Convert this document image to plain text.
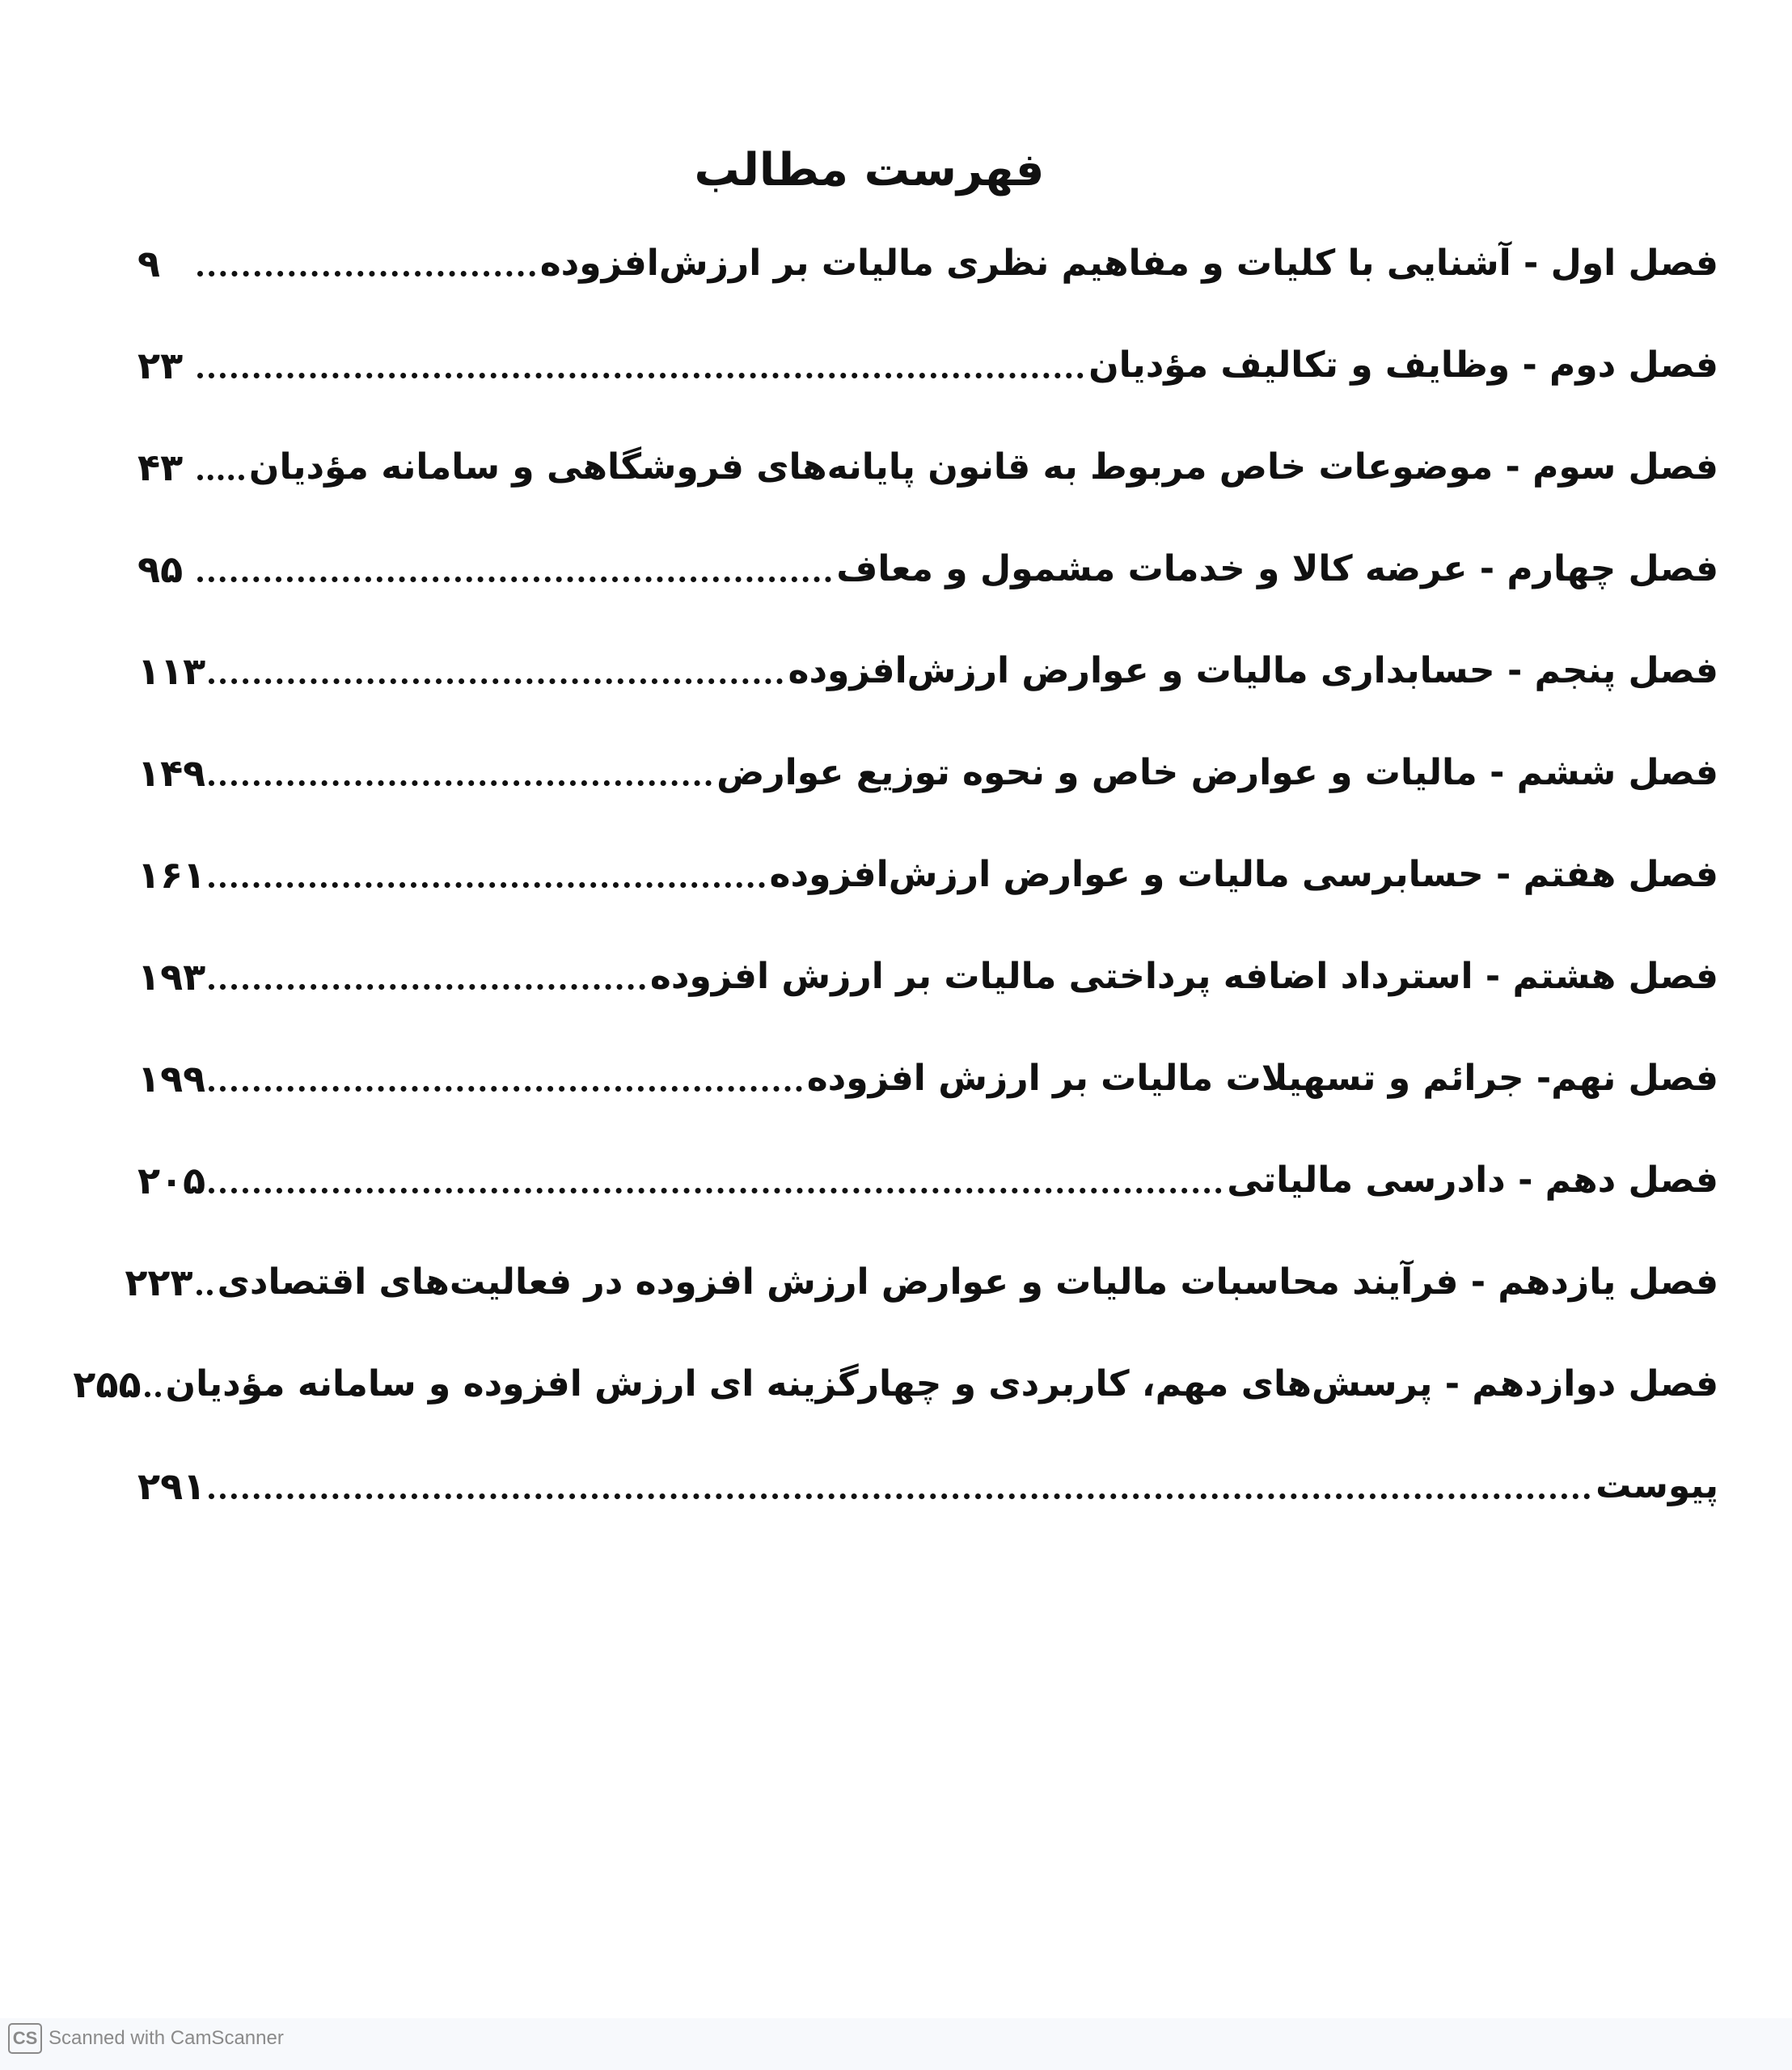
فهرست مطالب
فصل اول - آشنایی با کلیات و مفاهیم نظری مالیات بر ارزش‌افزوده
۹
فصل دوم - وظایف و تکالیف مؤدیان
۲۳
فصل سوم - موضوعات خاص مربوط به قانون پایانه‌های فروشگاهی و سامانه مؤدیان
۴۳
فصل چهارم - عرضه کالا و خدمات مشمول و معاف
۹۵
فصل پنجم - حسابداری مالیات و عوارض ارزش‌افزوده
۱۱۳
فصل ششم - مالیات و عوارض خاص و نحوه توزیع عوارض
۱۴۹
فصل هفتم - حسابرسی مالیات و عوارض ارزش‌افزوده
۱۶۱
فصل هشتم - استرداد اضافه پرداختی مالیات بر ارزش افزوده
۱۹۳
فصل نهم- جرائم و تسهیلات مالیات بر ارزش افزوده
۱۹۹
فصل دهم - دادرسی مالیاتی
۲۰۵
فصل یازدهم - فرآیند محاسبات مالیات و عوارض ارزش افزوده در فعالیت‌های اقتصادی
۲۲۳
فصل دوازدهم - پرسش‌های مهم، کاربردی و چهارگزینه ای ارزش افزوده و سامانه مؤدیان
۲۵۵
پیوست
۲۹۱
CS Scanned with CamScanner
